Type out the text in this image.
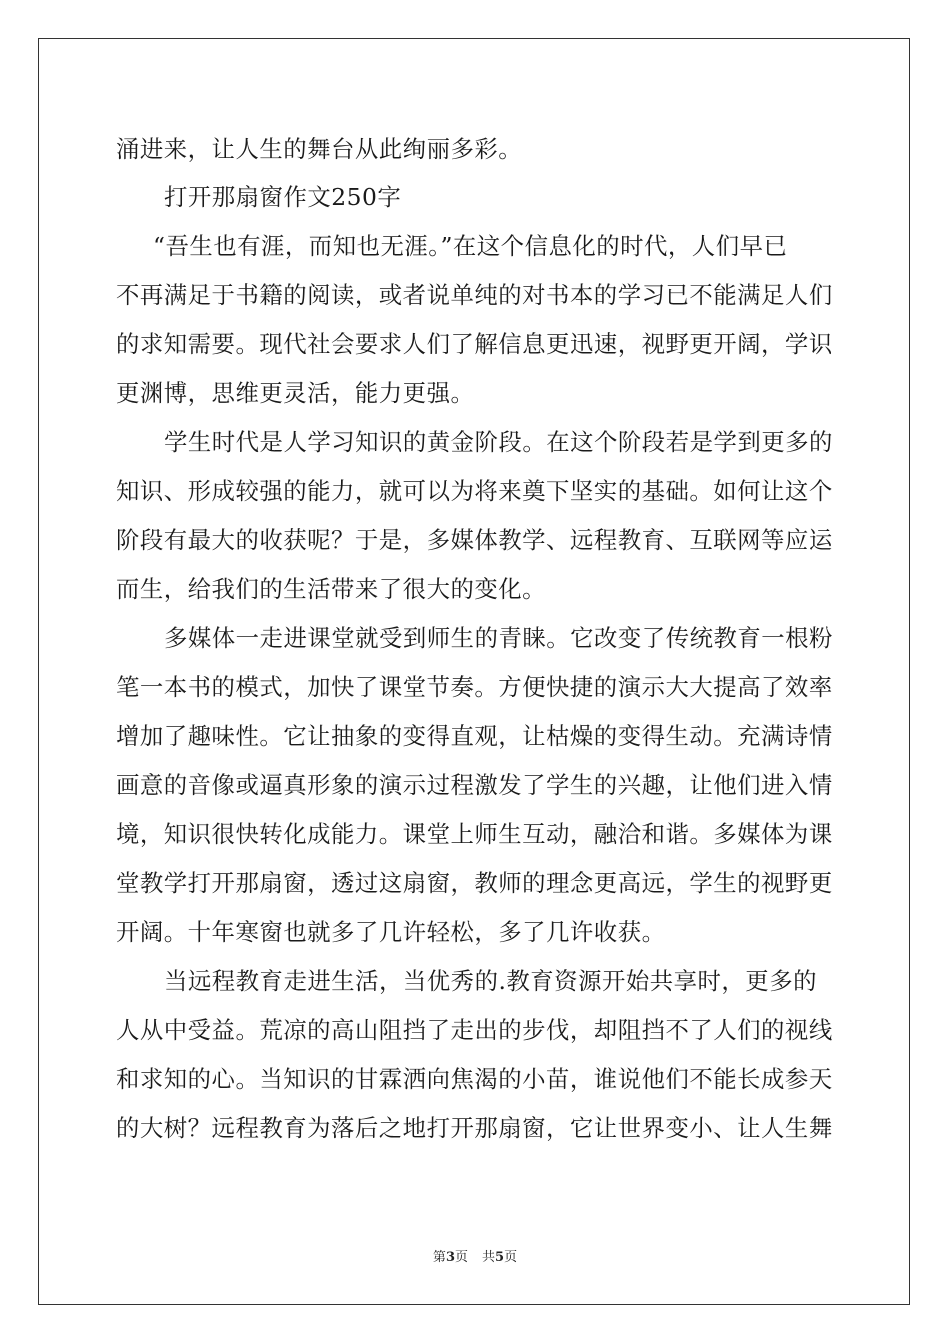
涌进来，让人生的舞台从此绚丽多彩。
打开那扇窗作文250字
“吾生也有涯，而知也无涯。”在这个信息化的时代，人们早已
不再满足于书籍的阅读，或者说单纯的对书本的学习已不能满足人们
的求知需要。现代社会要求人们了解信息更迅速，视野更开阔，学识
更渊博，思维更灵活，能力更强。
学生时代是人学习知识的黄金阶段。在这个阶段若是学到更多的
知识、形成较强的能力，就可以为将来奠下坚实的基础。如何让这个
阶段有最大的收获呢？于是，多媒体教学、远程教育、互联网等应运
而生，给我们的生活带来了很大的变化。
多媒体一走进课堂就受到师生的青睐。它改变了传统教育一根粉
笔一本书的模式，加快了课堂节奏。方便快捷的演示大大提高了效率
增加了趣味性。它让抽象的变得直观，让枯燥的变得生动。充满诗情
画意的音像或逼真形象的演示过程激发了学生的兴趣，让他们进入情
境，知识很快转化成能力。课堂上师生互动，融洽和谐。多媒体为课
堂教学打开那扇窗，透过这扇窗，教师的理念更高远，学生的视野更
开阔。十年寒窗也就多了几许轻松，多了几许收获。
当远程教育走进生活，当优秀的.教育资源开始共享时，更多的
人从中受益。荒凉的高山阻挡了走出的步伐，却阻挡不了人们的视线
和求知的心。当知识的甘霖洒向焦渴的小苗，谁说他们不能长成参天
的大树？远程教育为落后之地打开那扇窗，它让世界变小、让人生舞
第3页 共5页
